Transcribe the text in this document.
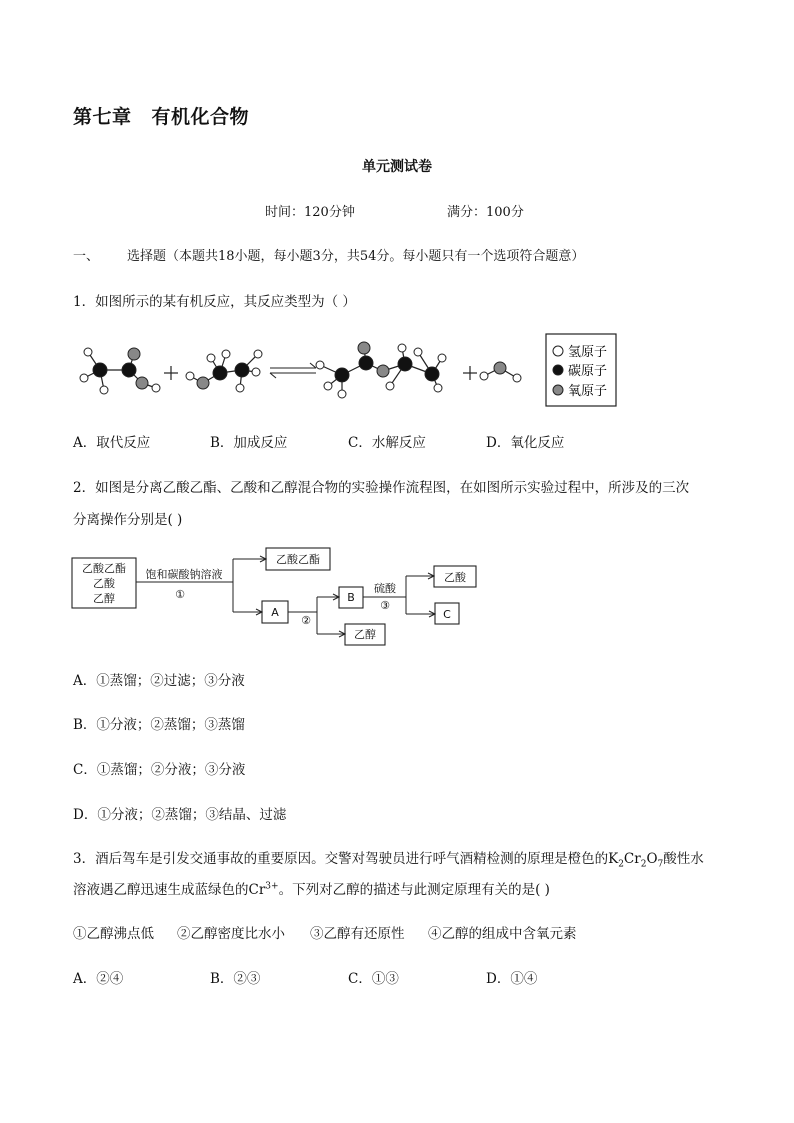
第七章 有机化合物
单元测试卷
时间：120分钟	满分：100分
一、 选择题（本题共18小题，每小题3分，共54分。每小题只有一个选项符合题意）
1．如图所示的某有机反应，其反应类型为（ ）
氢原子
碳原子
氧原子
A．取代反应	B．加成反应	C．水解反应	D．氧化反应
2．如图是分离乙酸乙酯、乙酸和乙醇混合物的实验操作流程图，在如图所示实验过程中，所涉及的三次
分离操作分别是( )
乙酸乙酯
乙酸
乙醇
饱和碳酸钠溶液
①
乙酸乙酯
A
②
B
乙醇
硫酸
③
乙酸
C
A．①蒸馏；②过滤；③分液
B．①分液；②蒸馏；③蒸馏
C．①蒸馏；②分液；③分液
D．①分液；②蒸馏；③结晶、过滤
3．酒后驾车是引发交通事故的重要原因。交警对驾驶员进行呼气酒精检测的原理是橙色的$K_2Cr_2O_7$酸性水
溶液遇乙醇迅速生成蓝绿色的$Cr^{3+}$。下列对乙醇的描述与此测定原理有关的是( )
①乙醇沸点低 ②乙醇密度比水小 ③乙醇有还原性 ④乙醇的组成中含氧元素
A．②④	B．②③	C．①③	D．①④
